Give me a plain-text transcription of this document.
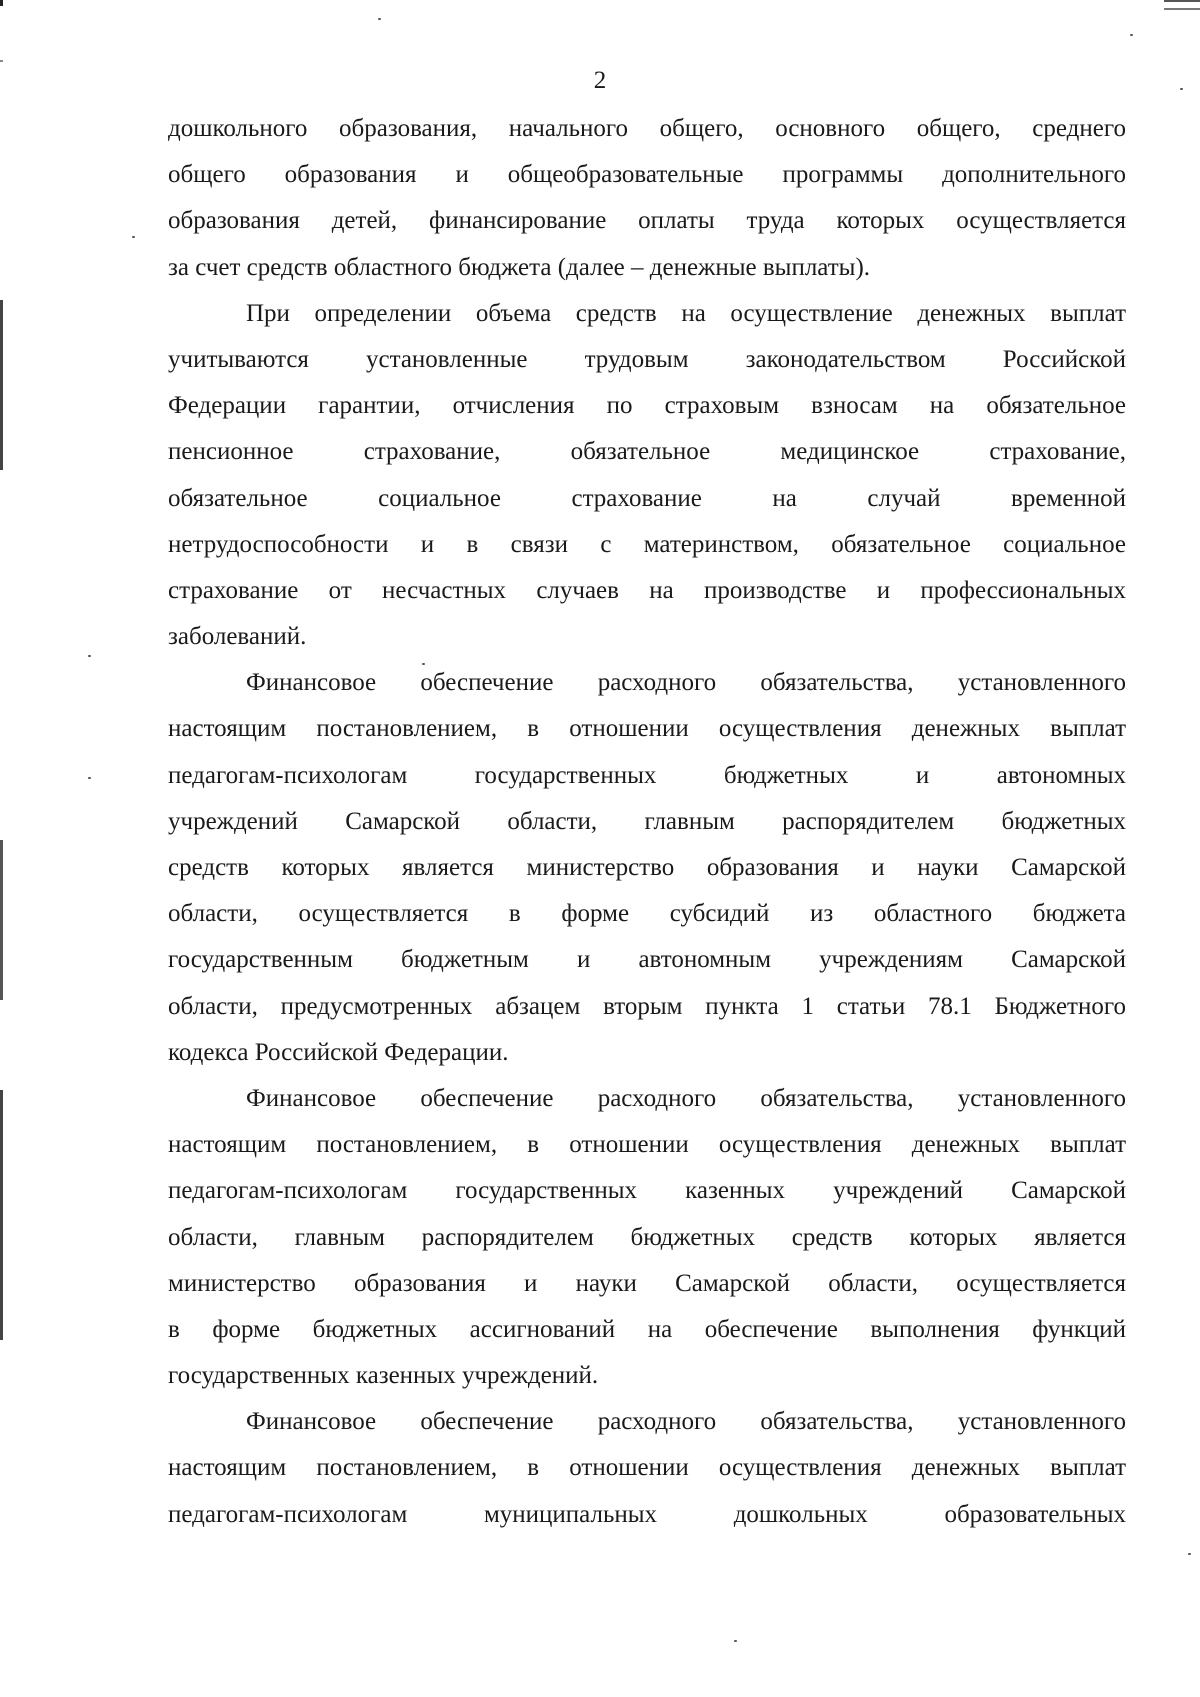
2
дошкольного образования, начального общего, основного общего, среднего
общего образования и общеобразовательные программы дополнительного
образования детей, финансирование оплаты труда которых осуществляется
за счет средств областного бюджета (далее – денежные выплаты).
При определении объема средств на осуществление денежных выплат
учитываются установленные трудовым законодательством Российской
Федерации гарантии, отчисления по страховым взносам на обязательное
пенсионное страхование, обязательное медицинское страхование,
обязательное социальное страхование на случай временной
нетрудоспособности и в связи с материнством, обязательное социальное
страхование от несчастных случаев на производстве и профессиональных
заболеваний.
Финансовое обеспечение расходного обязательства, установленного
настоящим постановлением, в отношении осуществления денежных выплат
педагогам-психологам государственных бюджетных и автономных
учреждений Самарской области, главным распорядителем бюджетных
средств которых является министерство образования и науки Самарской
области, осуществляется в форме субсидий из областного бюджета
государственным бюджетным и автономным учреждениям Самарской
области, предусмотренных абзацем вторым пункта 1 статьи 78.1 Бюджетного
кодекса Российской Федерации.
Финансовое обеспечение расходного обязательства, установленного
настоящим постановлением, в отношении осуществления денежных выплат
педагогам-психологам государственных казенных учреждений Самарской
области, главным распорядителем бюджетных средств которых является
министерство образования и науки Самарской области, осуществляется
в форме бюджетных ассигнований на обеспечение выполнения функций
государственных казенных учреждений.
Финансовое обеспечение расходного обязательства, установленного
настоящим постановлением, в отношении осуществления денежных выплат
педагогам-психологам муниципальных дошкольных образовательных
